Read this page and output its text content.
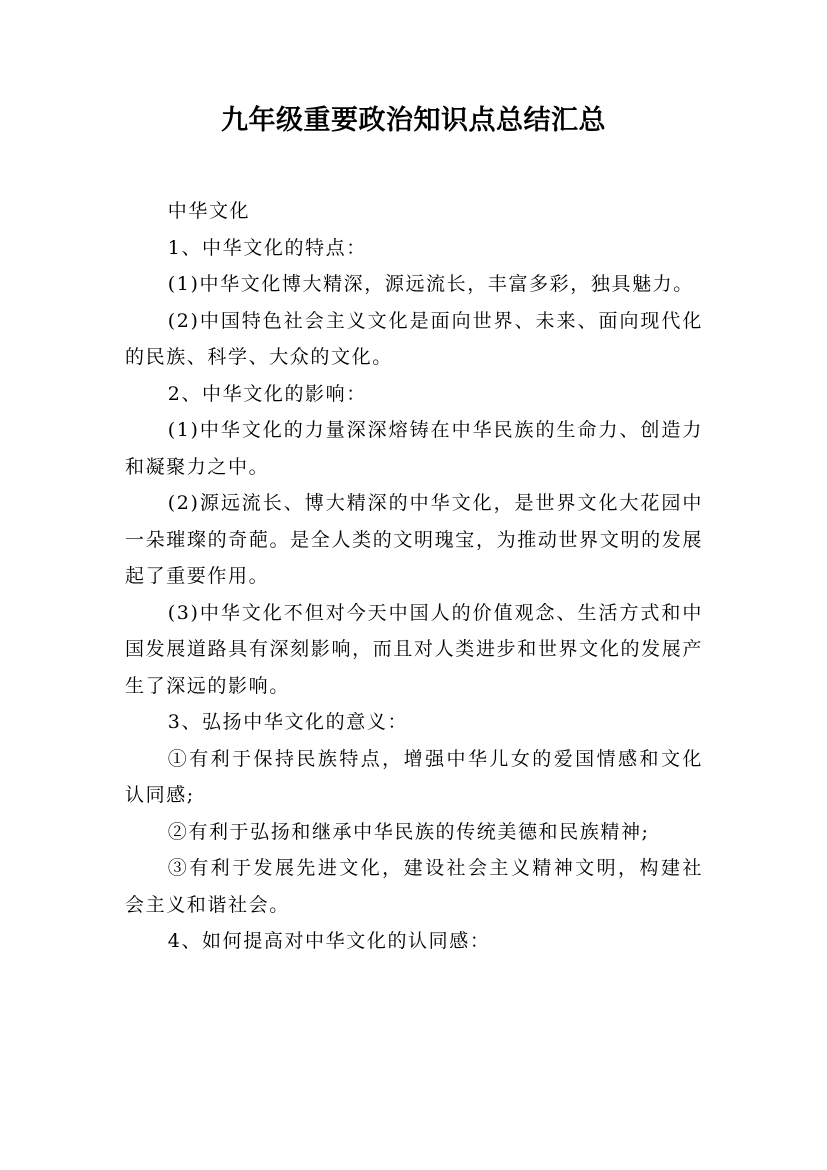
九年级重要政治知识点总结汇总

中华文化

1、中华文化的特点：

(1)中华文化博大精深，源远流长，丰富多彩，独具魅力。

(2)中国特色社会主义文化是面向世界、未来、面向现代化的民族、科学、大众的文化。

2、中华文化的影响：

(1)中华文化的力量深深熔铸在中华民族的生命力、创造力和凝聚力之中。

(2)源远流长、博大精深的中华文化，是世界文化大花园中一朵璀璨的奇葩。是全人类的文明瑰宝，为推动世界文明的发展起了重要作用。

(3)中华文化不但对今天中国人的价值观念、生活方式和中国发展道路具有深刻影响，而且对人类进步和世界文化的发展产生了深远的影响。

3、弘扬中华文化的意义：

①有利于保持民族特点，增强中华儿女的爱国情感和文化认同感;

②有利于弘扬和继承中华民族的传统美德和民族精神;

③有利于发展先进文化，建设社会主义精神文明，构建社会主义和谐社会。

4、如何提高对中华文化的认同感：
